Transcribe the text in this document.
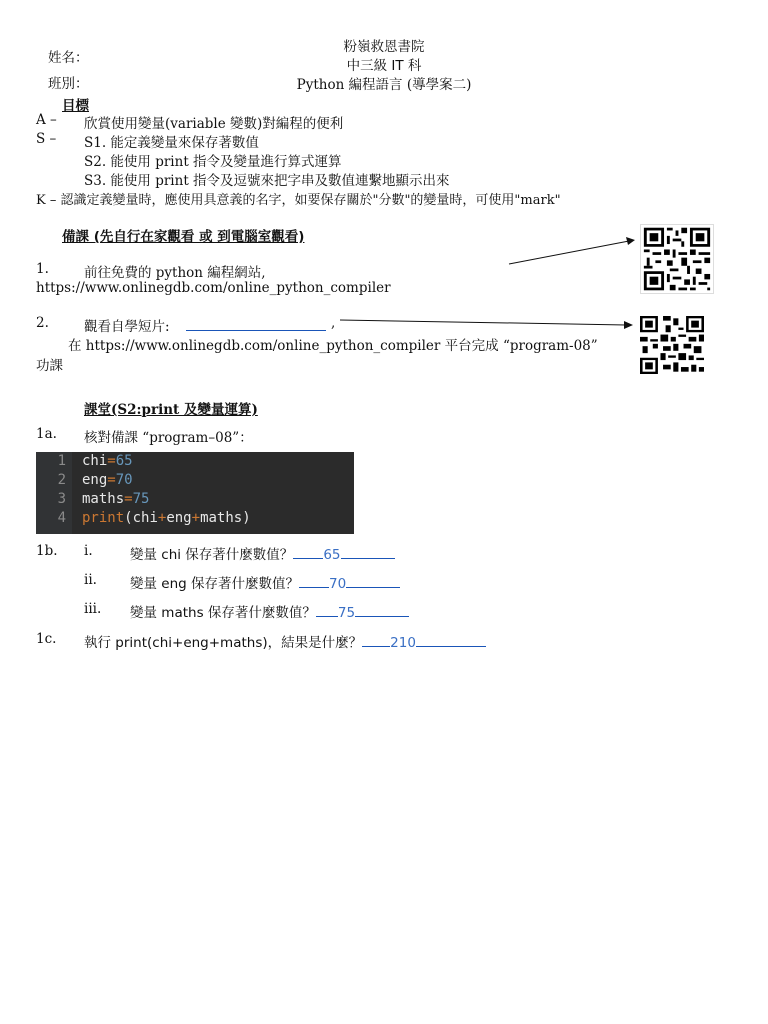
姓名：
班別：
粉嶺救恩書院
中三級 IT 科
Python 編程語言 (導學案二)
目標
A – 欣賞使用變量(variable 變數)對編程的便利
S – S1. 能定義變量來保存著數值
S2. 能使用 print 指令及變量進行算式運算
S3. 能使用 print 指令及逗號來把字串及數值連繫地顯示出來
K – 認識定義變量時，應使用具意義的名字，如要保存關於"分數"的變量時，可使用"mark"
備課 (先自行在家觀看 或 到電腦室觀看)
1.	前往免費的 python 編程網站,
https://www.onlinegdb.com/online_python_compiler
2.	觀看自學短片:	,
在 https://www.onlinegdb.com/online_python_compiler 平台完成 “program-08”
功課
課堂(S2:print 及變量運算)
1a. 核對備課 “program–08”：
1 chi=65
2 eng=70
3 maths=75
4 print(chi+eng+maths)
1b. i.	變量 chi 保存著什麼數值？ 65
ii. 變量 eng 保存著什麼數值？ 70
iii. 變量 maths 保存著什麼數值？ 75
1c. 執行 print(chi+eng+maths)，結果是什麼？ 210
